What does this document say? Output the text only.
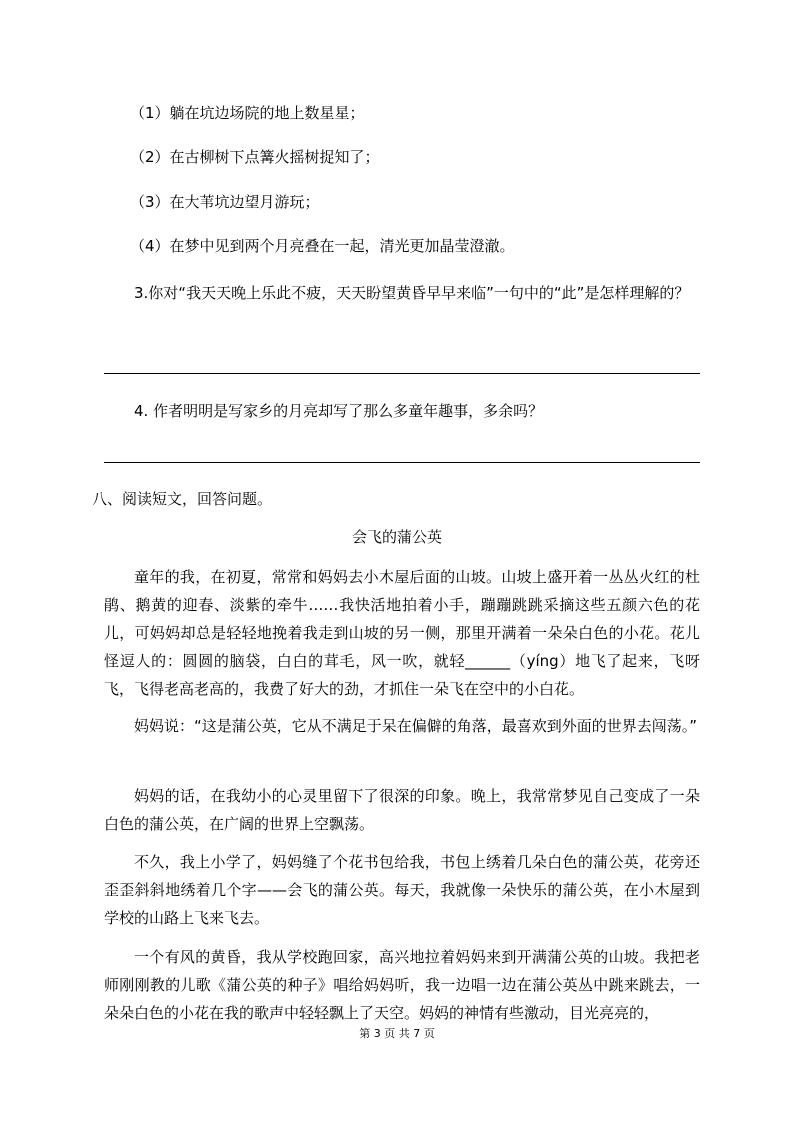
（1）躺在坑边场院的地上数星星；
（2）在古柳树下点篝火摇树捉知了；
（3）在大苇坑边望月游玩；
（4）在梦中见到两个月亮叠在一起，清光更加晶莹澄澈。
3.你对“我天天晚上乐此不疲，天天盼望黄昏早早来临”一句中的“此”是怎样理解的？
4. 作者明明是写家乡的月亮却写了那么多童年趣事，多余吗？
八、阅读短文，回答问题。
会飞的蒲公英
童年的我，在初夏，常常和妈妈去小木屋后面的山坡。山坡上盛开着一丛丛火红的杜鹃、鹅黄的迎春、淡紫的牵牛……我快活地拍着小手，蹦蹦跳跳采摘这些五颜六色的花儿，可妈妈却总是轻轻地挽着我走到山坡的另一侧，那里开满着一朵朵白色的小花。花儿怪逗人的：圆圆的脑袋，白白的茸毛，风一吹，就轻______（yíng）地飞了起来，飞呀飞，飞得老高老高的，我费了好大的劲，才抓住一朵飞在空中的小白花。
妈妈说：“这是蒲公英，它从不满足于呆在偏僻的角落，最喜欢到外面的世界去闯荡。”
妈妈的话，在我幼小的心灵里留下了很深的印象。晚上，我常常梦见自己变成了一朵白色的蒲公英，在广阔的世界上空飘荡。
不久，我上小学了，妈妈缝了个花书包给我，书包上绣着几朵白色的蒲公英，花旁还歪歪斜斜地绣着几个字——会飞的蒲公英。每天，我就像一朵快乐的蒲公英，在小木屋到学校的山路上飞来飞去。
一个有风的黄昏，我从学校跑回家，高兴地拉着妈妈来到开满蒲公英的山坡。我把老师刚刚教的儿歌《蒲公英的种子》唱给妈妈听，我一边唱一边在蒲公英丛中跳来跳去，一朵朵白色的小花在我的歌声中轻轻飘上了天空。妈妈的神情有些激动，目光亮亮的，
第 3 页 共 7 页
